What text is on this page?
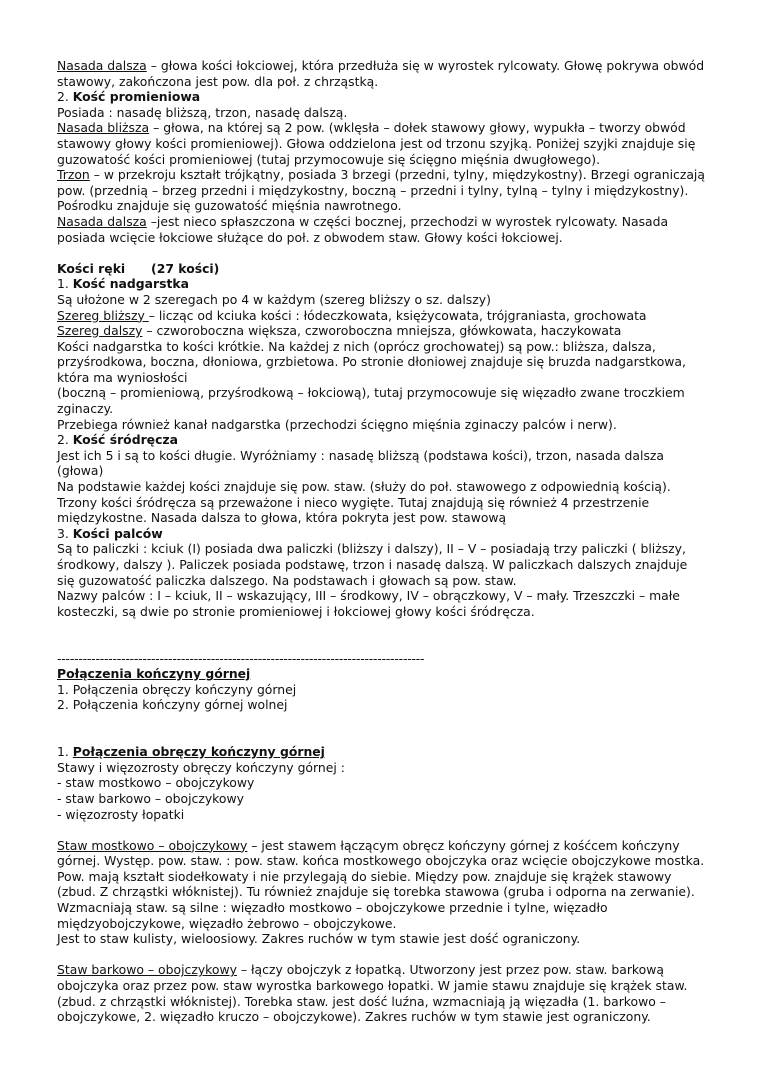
Nasada dalsza – głowa kości łokciowej, która przedłuża się w wyrostek rylcowaty. Głowę pokrywa obwód stawowy, zakończona jest pow. dla poł. z chrząstką.

2. Kość promieniowa

Posiada : nasadę bliższą, trzon, nasadę dalszą.

Nasada bliższa – głowa, na której są 2 pow. (wklęsła – dołek stawowy głowy, wypukła – tworzy obwód stawowy głowy kości promieniowej). Głowa oddzielona jest od trzonu szyjką. Poniżej szyjki znajduje się guzowatość kości promieniowej (tutaj przymocowuje się ścięgno mięśnia dwugłowego).

Trzon – w przekroju kształt trójkątny, posiada 3 brzegi (przedni, tylny, międzykostny). Brzegi ograniczają pow. (przednią – brzeg przedni i międzykostny, boczną – przedni i tylny, tylną – tylny i międzykostny). Pośrodku znajduje się guzowatość mięśnia nawrotnego.

Nasada dalsza –jest nieco spłaszczona w części bocznej, przechodzi w wyrostek rylcowaty. Nasada posiada wcięcie łokciowe służące do poł. z obwodem staw. Głowy kości łokciowej.

Kości ręki      (27 kości)

1. Kość nadgarstka

Są ułożone w 2 szeregach po 4 w każdym (szereg bliższy o sz. dalszy)

Szereg bliższy – licząc od kciuka kości : łódeczkowata, księżycowata, trójgraniasta, grochowata

Szereg dalszy – czworoboczna większa, czworoboczna mniejsza, główkowata, haczykowata

Kości nadgarstka to kości krótkie. Na każdej z nich (oprócz grochowatej) są pow.: bliższa, dalsza, przyśrodkowa, boczna, dłoniowa, grzbietowa. Po stronie dłoniowej znajduje się bruzda nadgarstkowa, która ma wyniosłości

(boczną – promieniową, przyśrodkową – łokciową), tutaj przymocowuje się więzadło zwane troczkiem zginaczy.

Przebiega również kanał nadgarstka (przechodzi ścięgno mięśnia zginaczy palców i nerw).

2. Kość śródręcza

Jest ich 5 i są to kości długie. Wyróżniamy : nasadę bliższą (podstawa kości), trzon, nasada dalsza (głowa)

Na podstawie każdej kości znajduje się pow. staw. (służy do poł. stawowego z odpowiednią kością).

Trzony kości śródręcza są przeważone i nieco wygięte. Tutaj znajdują się również 4 przestrzenie międzykostne. Nasada dalsza to głowa, która pokryta jest pow. stawową

3. Kości palców

Są to paliczki : kciuk (I) posiada dwa paliczki (bliższy i dalszy), II – V – posiadają trzy paliczki ( bliższy, środkowy, dalszy ). Paliczek posiada podstawę, trzon i nasadę dalszą. W paliczkach dalszych znajduje się guzowatość paliczka dalszego. Na podstawach i głowach są pow. staw.

Nazwy palców : I – kciuk, II – wskazujący, III – środkowy, IV – obrączkowy, V – mały. Trzeszczki – małe kosteczki, są dwie po stronie promieniowej i łokciowej głowy kości śródręcza.

--------------------------------------------------------------------------------------

Połączenia kończyny górnej

1. Połączenia obręczy kończyny górnej

2. Połączenia kończyny górnej wolnej

1. Połączenia obręczy kończyny górnej

Stawy i więzozrosty obręczy kończyny górnej :

- staw mostkowo – obojczykowy

- staw barkowo – obojczykowy

- więzozrosty łopatki

Staw mostkowo – obojczykowy – jest stawem łączącym obręcz kończyny górnej z kośćcem kończyny górnej. Występ. pow. staw. : pow. staw. końca mostkowego obojczyka oraz wcięcie obojczykowe mostka.

Pow. mają kształt siodełkowaty i nie przylegają do siebie. Między pow. znajduje się krążek stawowy (zbud. Z chrząstki włóknistej). Tu również znajduje się torebka stawowa (gruba i odporna na zerwanie). Wzmacniają staw. są silne : więzadło mostkowo – obojczykowe przednie i tylne, więzadło międzyobojczykowe, więzadło żebrowo – obojczykowe.

Jest to staw kulisty, wieloosiowy. Zakres ruchów w tym stawie jest dość ograniczony.

Staw barkowo – obojczykowy – łączy obojczyk z łopatką. Utworzony jest przez pow. staw. barkową obojczyka oraz przez pow. staw wyrostka barkowego łopatki. W jamie stawu znajduje się krążek staw. (zbud. z chrząstki włóknistej). Torebka staw. jest dość luźna, wzmacniają ją więzadła (1. barkowo – obojczykowe, 2. więzadło kruczo – obojczykowe). Zakres ruchów w tym stawie jest ograniczony.
